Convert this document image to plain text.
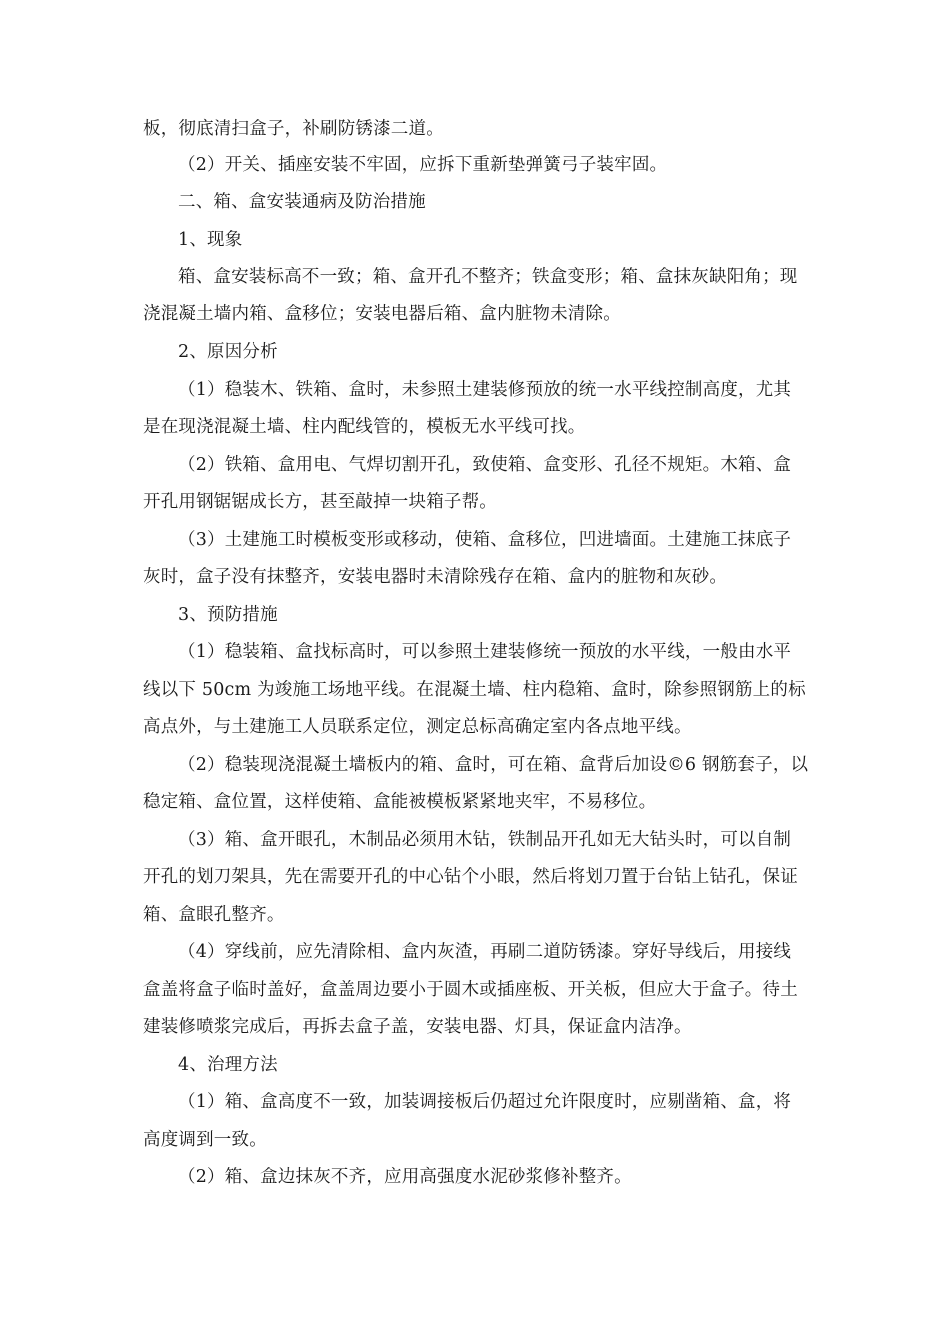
板，彻底清扫盒子，补刷防锈漆二道。
（2）开关、插座安装不牢固，应拆下重新垫弹簧弓子装牢固。
二、箱、盒安装通病及防治措施
1、现象
箱、盒安装标高不一致；箱、盒开孔不整齐；铁盒变形；箱、盒抹灰缺阳角；现
浇混凝土墙内箱、盒移位；安装电器后箱、盒内脏物未清除。
2、原因分析
（1）稳装木、铁箱、盒时，未参照土建装修预放的统一水平线控制高度，尤其
是在现浇混凝土墙、柱内配线管的，模板无水平线可找。
（2）铁箱、盒用电、气焊切割开孔，致使箱、盒变形、孔径不规矩。木箱、盒
开孔用钢锯锯成长方，甚至敲掉一块箱子帮。
（3）土建施工时模板变形或移动，使箱、盒移位，凹进墙面。土建施工抹底子
灰时，盒子没有抹整齐，安装电器时未清除残存在箱、盒内的脏物和灰砂。
3、预防措施
（1）稳装箱、盒找标高时，可以参照土建装修统一预放的水平线，一般由水平
线以下 50cm 为竣施工场地平线。在混凝土墙、柱内稳箱、盒时，除参照钢筋上的标
高点外，与土建施工人员联系定位，测定总标高确定室内各点地平线。
（2）稳装现浇混凝土墙板内的箱、盒时，可在箱、盒背后加设©6 钢筋套子，以
稳定箱、盒位置，这样使箱、盒能被模板紧紧地夹牢，不易移位。
（3）箱、盒开眼孔，木制品必须用木钻，铁制品开孔如无大钻头时，可以自制
开孔的划刀架具，先在需要开孔的中心钻个小眼，然后将划刀置于台钻上钻孔，保证
箱、盒眼孔整齐。
（4）穿线前，应先清除相、盒内灰渣，再刷二道防锈漆。穿好导线后，用接线
盒盖将盒子临时盖好，盒盖周边要小于圆木或插座板、开关板，但应大于盒子。待土
建装修喷浆完成后，再拆去盒子盖，安装电器、灯具，保证盒内洁净。
4、治理方法
（1）箱、盒高度不一致，加装调接板后仍超过允许限度时，应剔凿箱、盒，将
高度调到一致。
（2）箱、盒边抹灰不齐，应用高强度水泥砂浆修补整齐。
